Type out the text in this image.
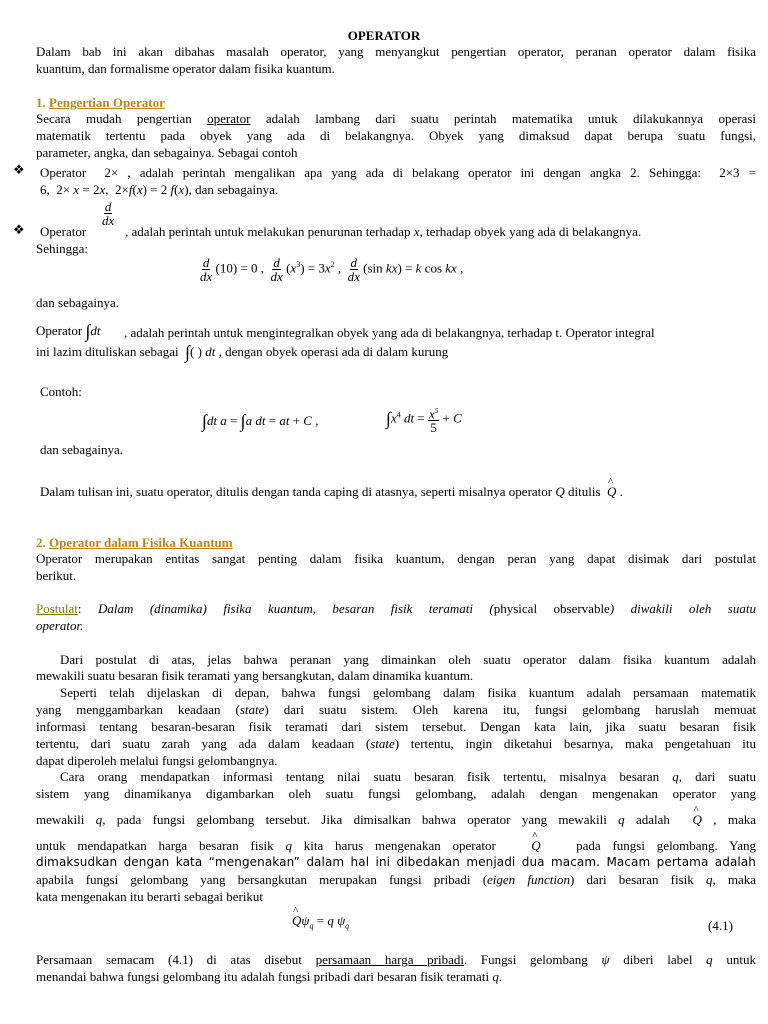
OPERATOR
Dalam bab ini akan dibahas masalah operator, yang menyangkut pengertian operator, peranan operator dalam fisika
kuantum, dan formalisme operator dalam fisika kuantum.
1. Pengertian Operator
Secara mudah pengertian operator adalah lambang dari suatu perintah matematika untuk dilakukannya operasi
matematik tertentu pada obyek yang ada di belakangnya. Obyek yang dimaksud dapat berupa suatu fungsi,
parameter, angka, dan sebagainya. Sebagai contoh
❖ Operator  2× , adalah perintah mengalikan apa yang ada di belakang operator ini dengan angka 2. Sehingga:  2×3 =
6,  2× x = 2x,  2×f(x) = 2 f(x), dan sebagainya.
❖ Operator
$\frac{d}{dx}$
, adalah perintah untuk melakukan penurunan terhadap x, terhadap obyek yang ada di belakangnya.
Sehingga:
$\frac{d}{dx} (10) = 0$ , $\frac{d}{dx} (x^3) = 3x^2$ , $\frac{d}{dx} (\sin$ kx) = k cos kx ,
dan sebagainya.
Operator ∫dt , adalah perintah untuk mengintegralkan obyek yang ada di belakangnya, terhadap t. Operator integral
ini lazim dituliskan sebagai  ∫( ) dt , dengan obyek operasi ada di dalam kurung
Contoh:
∫dt a = ∫a dt = at + C ,	$\int x^4$ dt = $\frac{x^5}{5} + C$
dan sebagainya.
Dalam tulisan ini, suatu operator, ditulis dengan tanda caping di atasnya, seperti misalnya operator Q ditulis  ^ Q .
2. Operator dalam Fisika Kuantum
Operator merupakan entitas sangat penting dalam fisika kuantum, dengan peran yang dapat disimak dari postulat
berikut.
Postulat: Dalam (dinamika) fisika kuantum, besaran fisik teramati (physical observable) diwakili oleh suatu
operator.
Dari postulat di atas, jelas bahwa peranan yang dimainkan oleh suatu operator dalam fisika kuantum adalah
mewakili suatu besaran fisik teramati yang bersangkutan, dalam dinamika kuantum.
Seperti telah dijelaskan di depan, bahwa fungsi gelombang dalam fisika kuantum adalah persamaan matematik
yang menggambarkan keadaan (state) dari suatu sistem. Oleh karena itu, fungsi gelombang haruslah memuat
informasi tentang besaran-besaran fisik teramati dari sistem tersebut. Dengan kata lain, jika suatu besaran fisik
tertentu, dari suatu zarah yang ada dalam keadaan (state) tertentu, ingin diketahui besarnya, maka pengetahuan itu
dapat diperoleh melalui fungsi gelombangnya.
Cara orang mendapatkan informasi tentang nilai suatu besaran fisik tertentu, misalnya besaran q, dari suatu
sistem yang dinamikanya digambarkan oleh suatu fungsi gelombang, adalah dengan mengenakan operator yang
mewakili q, pada fungsi gelombang tersebut. Jika dimisalkan bahwa operator yang mewakili q adalah  ^ Q , maka
untuk mendapatkan harga besaran fisik q kita harus mengenakan operator   ^ Q   pada fungsi gelombang. Yang
dimaksudkan dengan kata “mengenakan” dalam hal ini dibedakan menjadi dua macam. Macam pertama adalah
apabila fungsi gelombang yang bersangkutan merupakan fungsi pribadi (eigen function) dari besaran fisik q, maka
kata mengenakan itu berarti sebagai berikut
^ $Q\psi_q = q$ $\psi_q$	(4.1)
Persamaan semacam (4.1) di atas disebut persamaan harga pribadi. Fungsi gelombang ψ diberi label q untuk
menandai bahwa fungsi gelombang itu adalah fungsi pribadi dari besaran fisik teramati q.
